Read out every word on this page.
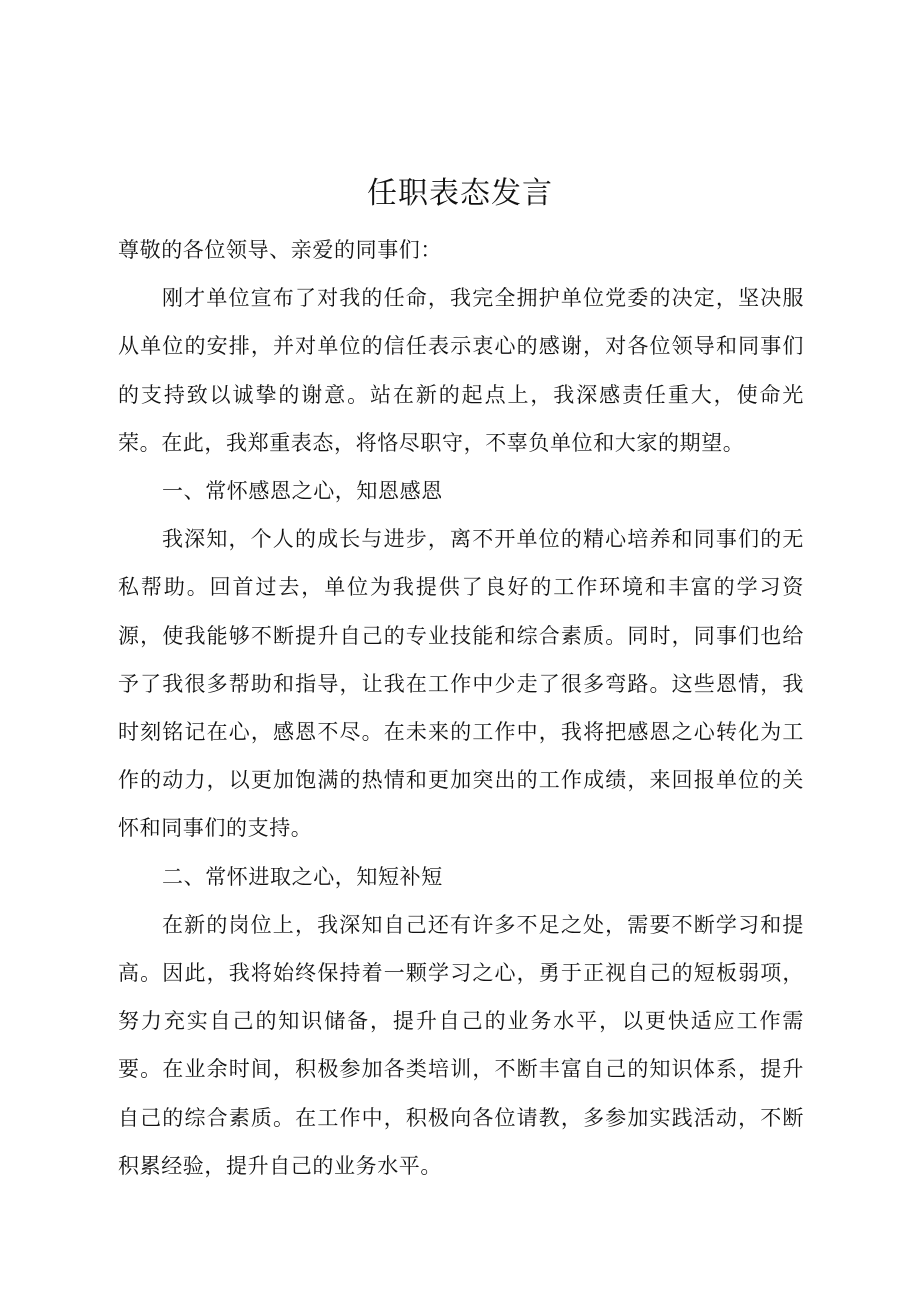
任职表态发言

尊敬的各位领导、亲爱的同事们：

刚才单位宣布了对我的任命，我完全拥护单位党委的决定，坚决服从单位的安排，并对单位的信任表示衷心的感谢，对各位领导和同事们的支持致以诚挚的谢意。站在新的起点上，我深感责任重大，使命光荣。在此，我郑重表态，将恪尽职守，不辜负单位和大家的期望。

一、常怀感恩之心，知恩感恩

我深知，个人的成长与进步，离不开单位的精心培养和同事们的无私帮助。回首过去，单位为我提供了良好的工作环境和丰富的学习资源，使我能够不断提升自己的专业技能和综合素质。同时，同事们也给予了我很多帮助和指导，让我在工作中少走了很多弯路。这些恩情，我时刻铭记在心，感恩不尽。在未来的工作中，我将把感恩之心转化为工作的动力，以更加饱满的热情和更加突出的工作成绩，来回报单位的关怀和同事们的支持。

二、常怀进取之心，知短补短

在新的岗位上，我深知自己还有许多不足之处，需要不断学习和提高。因此，我将始终保持着一颗学习之心，勇于正视自己的短板弱项，努力充实自己的知识储备，提升自己的业务水平，以更快适应工作需要。在业余时间，积极参加各类培训，不断丰富自己的知识体系，提升自己的综合素质。在工作中，积极向各位请教，多参加实践活动，不断积累经验，提升自己的业务水平。
